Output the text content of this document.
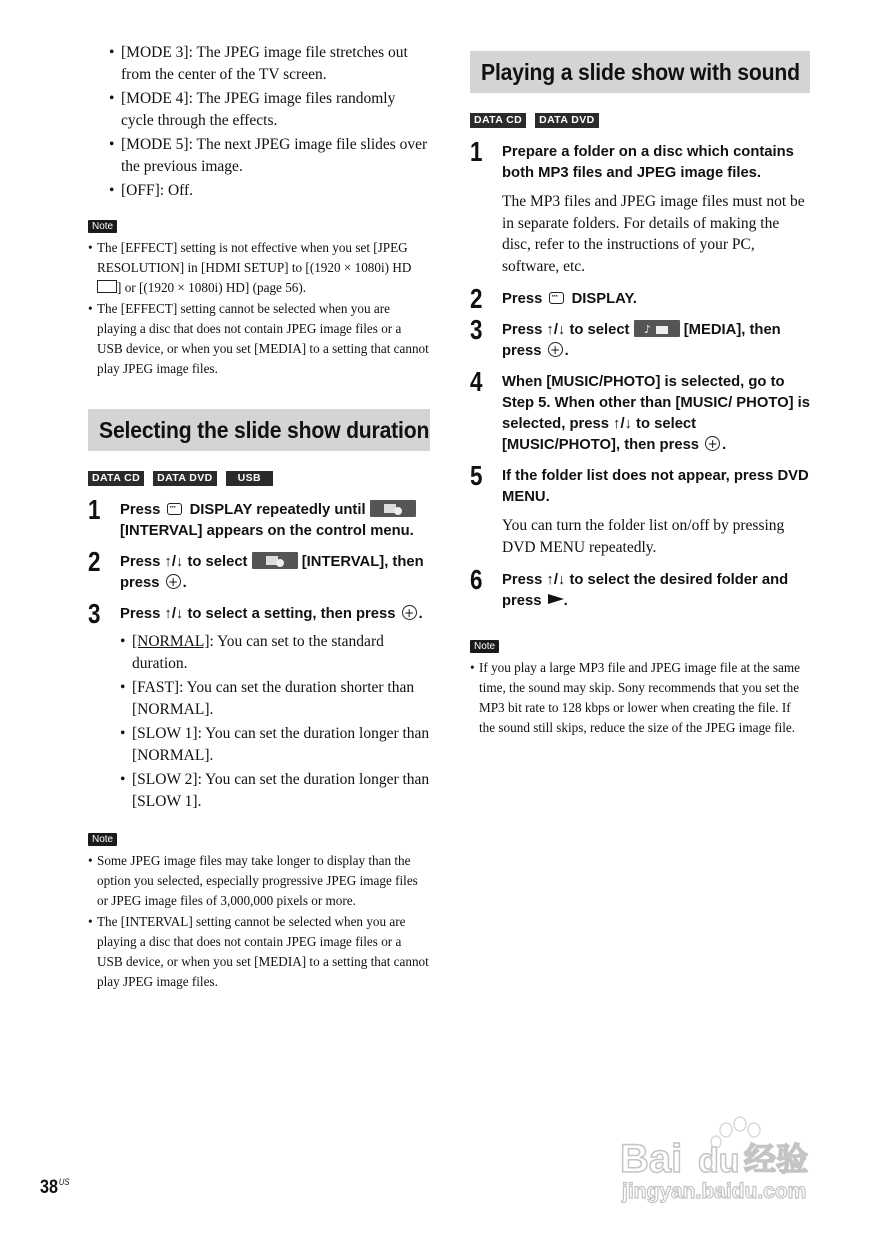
• [MODE 3]: The JPEG image file stretches out from the center of the TV screen.
• [MODE 4]: The JPEG image files randomly cycle through the effects.
• [MODE 5]: The next JPEG image file slides over the previous image.
• [OFF]: Off.
Note
• The [EFFECT] setting is not effective when you set [JPEG RESOLUTION] in [HDMI SETUP] to [(1920 × 1080i) HD ] or [(1920 × 1080i) HD] (page 56).
• The [EFFECT] setting cannot be selected when you are playing a disc that does not contain JPEG image files or a USB device, or when you set [MEDIA] to a setting that cannot play JPEG image files.
Selecting the slide show duration
DATA CD	DATA DVD	USB
1 Press ··· DISPLAY repeatedly until
[INTERVAL] appears on the control menu.
2 Press ↑/↓ to select	[INTERVAL], then press + .
3 Press ↑/↓ to select a setting, then press + .
• [NORMAL]: You can set to the standard duration.
• [FAST]: You can set the duration shorter than [NORMAL].
• [SLOW 1]: You can set the duration longer than [NORMAL].
• [SLOW 2]: You can set the duration longer than [SLOW 1].
Note
• Some JPEG image files may take longer to display than the option you selected, especially progressive JPEG image files or JPEG image files of 3,000,000 pixels or more.
• The [INTERVAL] setting cannot be selected when you are playing a disc that does not contain JPEG image files or a USB device, or when you set [MEDIA] to a setting that cannot play JPEG image files.
Playing a slide show with sound
DATA CD	DATA DVD
1 Prepare a folder on a disc which contains both MP3 files and JPEG image files.
The MP3 files and JPEG image files must not be in separate folders. For details of making the disc, refer to the instructions of your PC, software, etc.
2 Press ··· DISPLAY.
3 Press ↑/↓ to select ♪ [MEDIA], then press + .
4 When [MUSIC/PHOTO] is selected, go to Step 5. When other than [MUSIC/ PHOTO] is selected, press ↑/↓ to select [MUSIC/PHOTO], then press + .
5 If the folder list does not appear, press DVD MENU.
You can turn the folder list on/off by pressing DVD MENU repeatedly.
6 Press ↑/↓ to select the desired folder and press .
Note
• If you play a large MP3 file and JPEG image file at the same time, the sound may skip. Sony recommends that you set the MP3 bit rate to 128 kbps or lower when creating the file. If the sound still skips, reduce the size of the JPEG image file.
$38^{US}$
Bai du 经验
jingyan.baidu.com
